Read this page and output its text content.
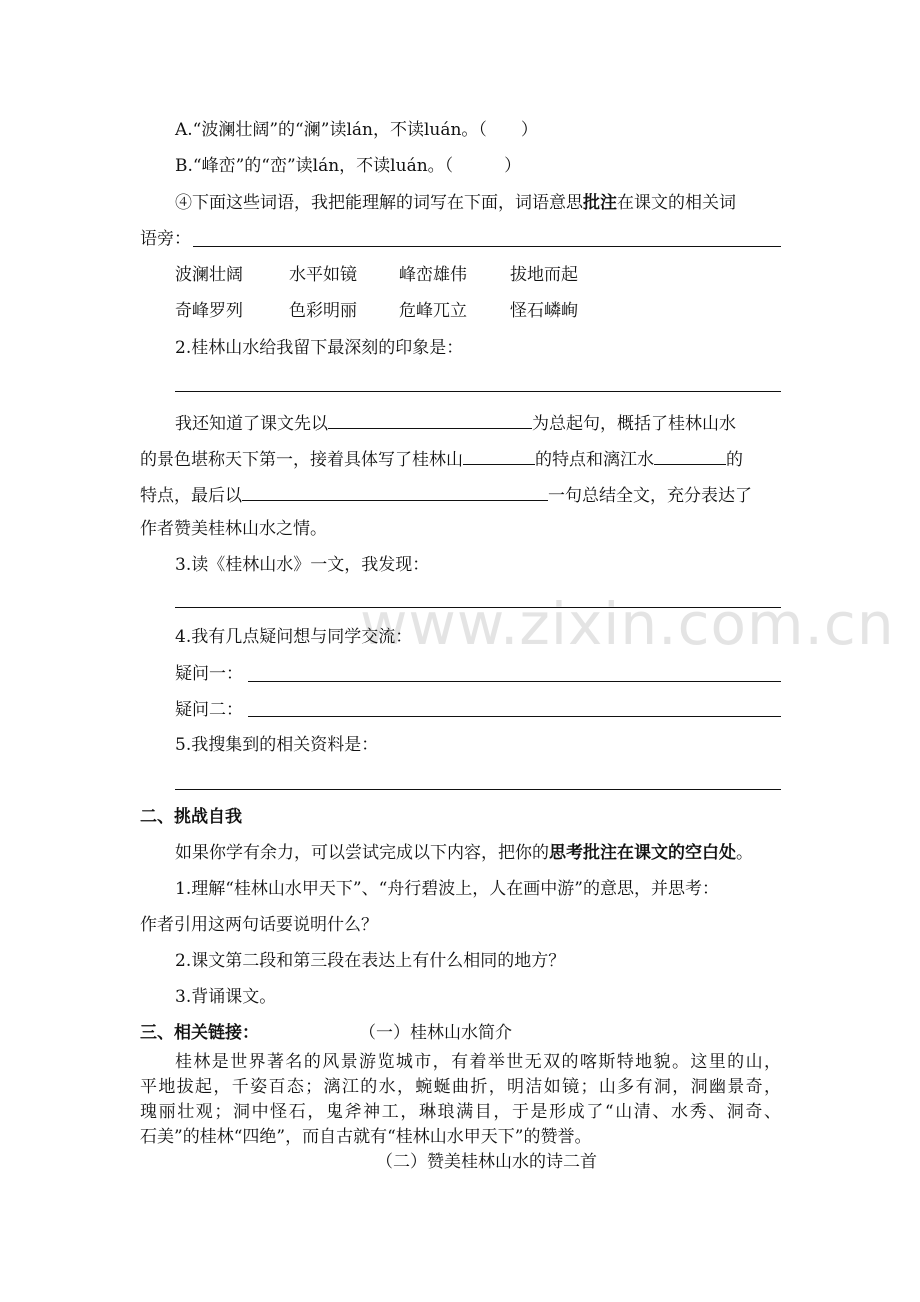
www.zixin.com.cn
A.“波澜壮阔”的“澜”读lán，不读luán。（　　）
B.“峰峦”的“峦”读lán，不读luán。（　　　）
④下面这些词语，我把能理解的词写在下面，词语意思批注在课文的相关词
语旁：
波澜壮阔	水平如镜 峰峦雄伟	拔地而起
奇峰罗列	色彩明丽 危峰兀立	怪石嶙峋
2.桂林山水给我留下最深刻的印象是：
我还知道了课文先以	为总起句，概括了桂林山水
的景色堪称天下第一，接着具体写了桂林山	的特点和漓江水	的
特点，最后以	一句总结全文，充分表达了
作者赞美桂林山水之情。
3.读《桂林山水》一文，我发现：
4.我有几点疑问想与同学交流：
疑问一：
疑问二：
5.我搜集到的相关资料是：
二、挑战自我
如果你学有余力，可以尝试完成以下内容，把你的思考批注在课文的空白处。
1.理解“桂林山水甲天下”、“舟行碧波上，人在画中游”的意思，并思考：
作者引用这两句话要说明什么？
2.课文第二段和第三段在表达上有什么相同的地方？
3.背诵课文。
三、相关链接：	（一）桂林山水简介
桂林是世界著名的风景游览城市，有着举世无双的喀斯特地貌。这里的山，
平地拔起，千姿百态；漓江的水，蜿蜒曲折，明洁如镜；山多有洞，洞幽景奇，
瑰丽壮观；洞中怪石，鬼斧神工，琳琅满目，于是形成了“山清、水秀、洞奇、
石美”的桂林“四绝”，而自古就有“桂林山水甲天下”的赞誉。
（二）赞美桂林山水的诗二首
